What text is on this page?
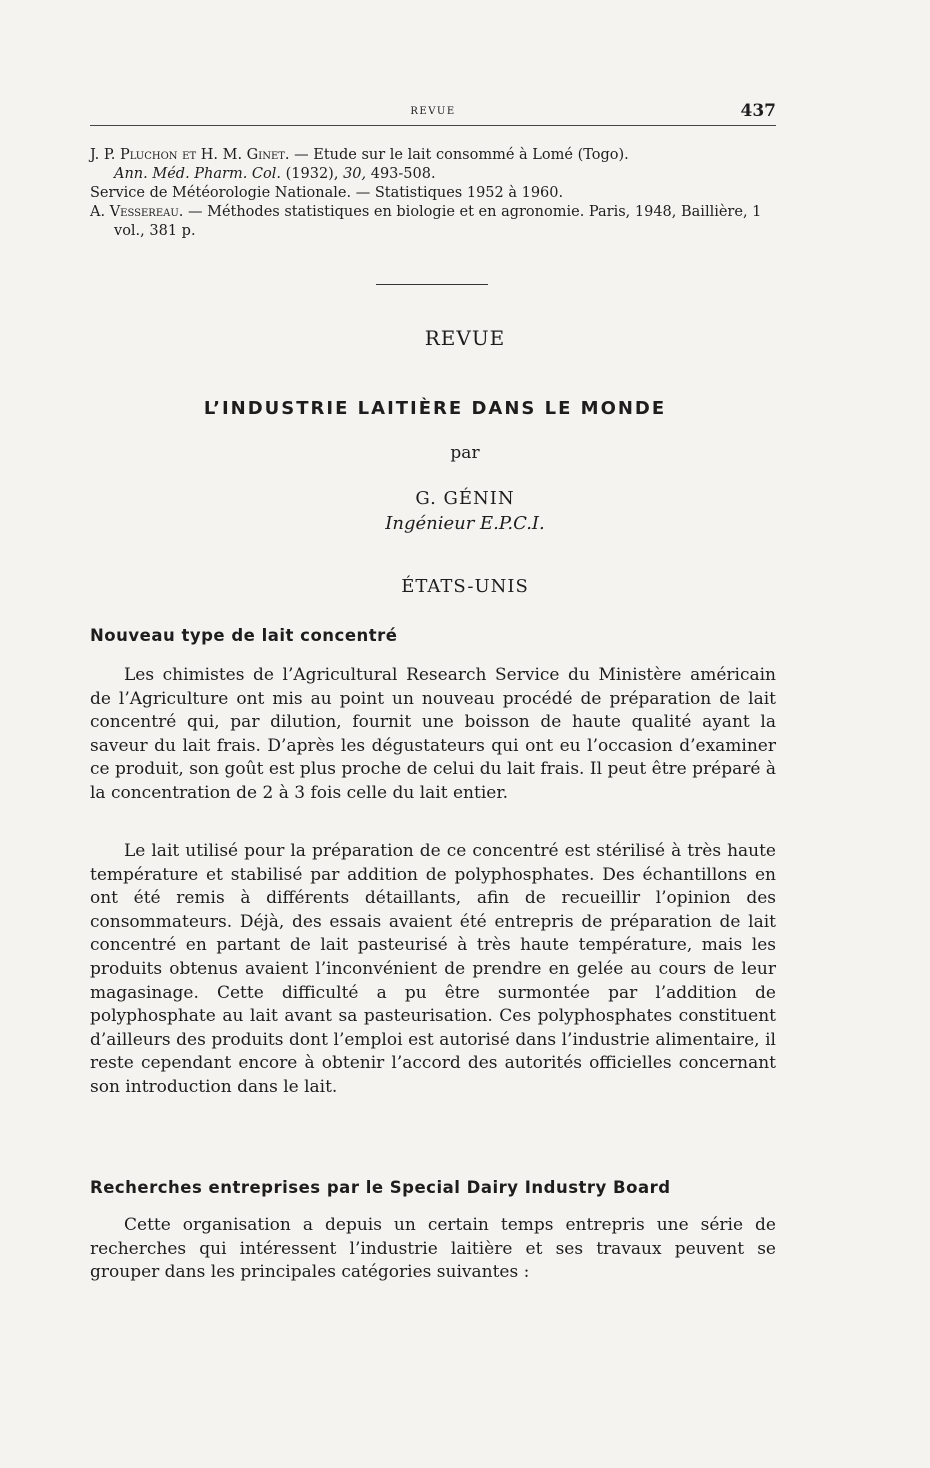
REVUE	437
J. P. Pluchon et H. M. Ginet. — Etude sur le lait consommé à Lomé (Togo).
Ann. Méd. Pharm. Col. (1932), 30, 493-508.
Service de Météorologie Nationale. — Statistiques 1952 à 1960.
A. Vessereau. — Méthodes statistiques en biologie et en agronomie. Paris, 1948, Baillière, 1 vol., 381 p.
REVUE
L’INDUSTRIE LAITIÈRE DANS LE MONDE
par
G. GÉNIN
Ingénieur E.P.C.I.
ÉTATS-UNIS
Nouveau type de lait concentré

Les chimistes de l’Agricultural Research Service du Ministère américain de l’Agriculture ont mis au point un nouveau procédé de préparation de lait concentré qui, par dilution, fournit une boisson de haute qualité ayant la saveur du lait frais. D’après les dégustateurs qui ont eu l’occasion d’examiner ce produit, son goût est plus proche de celui du lait frais. Il peut être préparé à la concentration de 2 à 3 fois celle du lait entier.

Le lait utilisé pour la préparation de ce concentré est stérilisé à très haute température et stabilisé par addition de polyphosphates. Des échantillons en ont été remis à différents détaillants, afin de recueillir l’opinion des consommateurs. Déjà, des essais avaient été entrepris de préparation de lait concentré en partant de lait pasteurisé à très haute température, mais les produits obtenus avaient l’inconvénient de prendre en gelée au cours de leur magasinage. Cette difficulté a pu être surmontée par l’addition de polyphosphate au lait avant sa pasteurisation. Ces polyphosphates constituent d’ailleurs des produits dont l’emploi est autorisé dans l’industrie alimentaire, il reste cependant encore à obtenir l’accord des autorités officielles concernant son introduction dans le lait.

Recherches entreprises par le Special Dairy Industry Board

Cette organisation a depuis un certain temps entrepris une série de recherches qui intéressent l’industrie laitière et ses travaux peuvent se grouper dans les principales catégories suivantes :
